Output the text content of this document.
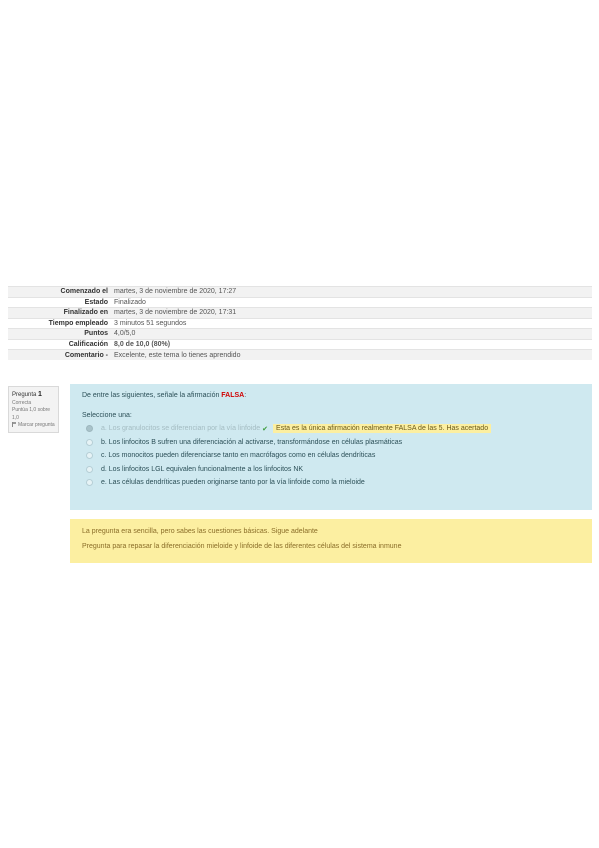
Comenzado el	martes, 3 de noviembre de 2020, 17:27
Estado	Finalizado
Finalizado en	martes, 3 de noviembre de 2020, 17:31
Tiempo empleado	3 minutos 51 segundos
Puntos	4,0/5,0
Calificación	8,0 de 10,0 (80%)
Comentario -	Excelente, este tema lo tienes aprendido
Pregunta 1
Correcta
Puntúa 1,0 sobre 1,0
Marcar pregunta

De entre las siguientes, señale la afirmación FALSA:

Seleccione una:
a. Los granulocitos se diferencian por la vía linfoide ✔	Esta es la única afirmación realmente FALSA de las 5. Has acertado
b. Los linfocitos B sufren una diferenciación al activarse, transformándose en células plasmáticas
c. Los monocitos pueden diferenciarse tanto en macrófagos como en células dendríticas
d. Los linfocitos LGL equivalen funcionalmente a los linfocitos NK
e. Las células dendríticas pueden originarse tanto por la vía linfoide como la mieloide

La pregunta era sencilla, pero sabes las cuestiones básicas. Sigue adelante

Pregunta para repasar la diferenciación mieloide y linfoide de las diferentes células del sistema inmune
